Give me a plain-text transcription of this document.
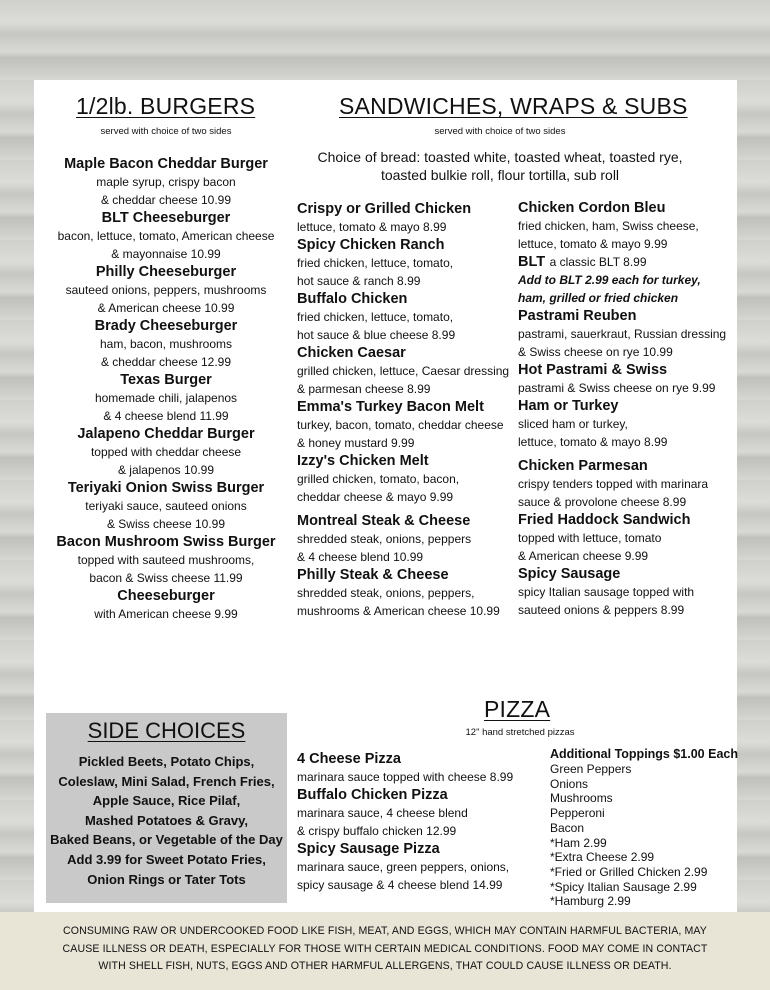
1/2lb. BURGERS
served with choice of two sides
Maple Bacon Cheddar Burger
maple syrup, crispy bacon
& cheddar cheese 10.99
BLT Cheeseburger
bacon, lettuce, tomato, American cheese
& mayonnaise 10.99
Philly Cheeseburger
sauteed onions, peppers, mushrooms
& American cheese 10.99
Brady Cheeseburger
ham, bacon, mushrooms
& cheddar cheese 12.99
Texas Burger
homemade chili, jalapenos
& 4 cheese blend 11.99
Jalapeno Cheddar Burger
topped with cheddar cheese
& jalapenos 10.99
Teriyaki Onion Swiss Burger
teriyaki sauce, sauteed onions
& Swiss cheese 10.99
Bacon Mushroom Swiss Burger
topped with sauteed mushrooms,
bacon & Swiss cheese 11.99
Cheeseburger
with American cheese 9.99
SANDWICHES, WRAPS & SUBS
served with choice of two sides
Choice of bread: toasted white, toasted wheat, toasted rye,
toasted bulkie roll, flour tortilla, sub roll
Crispy or Grilled Chicken
lettuce, tomato & mayo 8.99
Spicy Chicken Ranch
fried chicken, lettuce, tomato,
hot sauce & ranch 8.99
Buffalo Chicken
fried chicken, lettuce, tomato,
hot sauce & blue cheese 8.99
Chicken Caesar
grilled chicken, lettuce, Caesar dressing
& parmesan cheese 8.99
Emma's Turkey Bacon Melt
turkey, bacon, tomato, cheddar cheese
& honey mustard 9.99
Izzy's Chicken Melt
grilled chicken, tomato, bacon,
cheddar cheese & mayo 9.99
Montreal Steak & Cheese
shredded steak, onions, peppers
& 4 cheese blend 10.99
Philly Steak & Cheese
shredded steak, onions, peppers,
mushrooms & American cheese 10.99
Chicken Cordon Bleu
fried chicken, ham, Swiss cheese,
lettuce, tomato & mayo 9.99
BLT a classic BLT 8.99
Add to BLT 2.99 each for turkey,
ham, grilled or fried chicken
Pastrami Reuben
pastrami, sauerkraut, Russian dressing
& Swiss cheese on rye 10.99
Hot Pastrami & Swiss
pastrami & Swiss cheese on rye 9.99
Ham or Turkey
sliced ham or turkey,
lettuce, tomato & mayo 8.99
Chicken Parmesan
crispy tenders topped with marinara
sauce & provolone cheese 8.99
Fried Haddock Sandwich
topped with lettuce, tomato
& American cheese 9.99
Spicy Sausage
spicy Italian sausage topped with
sauteed onions & peppers 8.99
SIDE CHOICES
Pickled Beets, Potato Chips,
Coleslaw, Mini Salad, French Fries,
Apple Sauce, Rice Pilaf,
Mashed Potatoes & Gravy,
Baked Beans, or Vegetable of the Day
Add 3.99 for Sweet Potato Fries,
Onion Rings or Tater Tots
PIZZA
12" hand stretched pizzas
4 Cheese Pizza
marinara sauce topped with cheese 8.99
Buffalo Chicken Pizza
marinara sauce, 4 cheese blend
& crispy buffalo chicken 12.99
Spicy Sausage Pizza
marinara sauce, green peppers, onions,
spicy sausage & 4 cheese blend 14.99
Additional Toppings $1.00 Each
Green Peppers
Onions
Mushrooms
Pepperoni
Bacon
*Ham 2.99
*Extra Cheese 2.99
*Fried or Grilled Chicken 2.99
*Spicy Italian Sausage 2.99
*Hamburg 2.99
CONSUMING RAW OR UNDERCOOKED FOOD LIKE FISH, MEAT, AND EGGS, WHICH MAY CONTAIN HARMFUL BACTERIA, MAY
CAUSE ILLNESS OR DEATH, ESPECIALLY FOR THOSE WITH CERTAIN MEDICAL CONDITIONS. FOOD MAY COME IN CONTACT
WITH SHELL FISH, NUTS, EGGS AND OTHER HARMFUL ALLERGENS, THAT COULD CAUSE ILLNESS OR DEATH.
